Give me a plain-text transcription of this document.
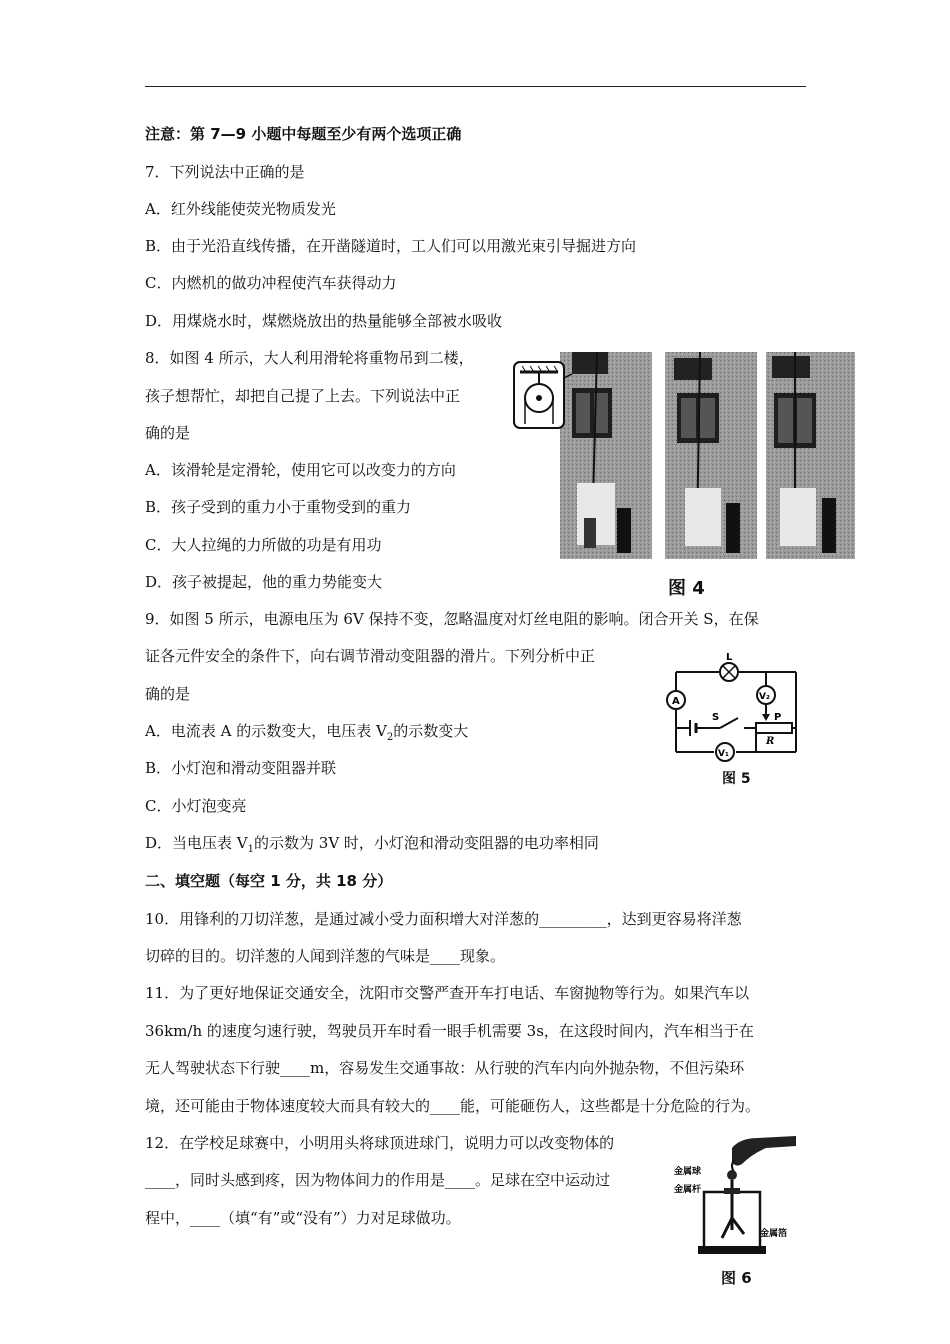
注意：第 7—9 小题中每题至少有两个选项正确
7．下列说法中正确的是
A．红外线能使荧光物质发光
B．由于光沿直线传播，在开凿隧道时，工人们可以用激光束引导掘进方向
C．内燃机的做功冲程使汽车获得动力
D．用煤烧水时，煤燃烧放出的热量能够全部被水吸收
8．如图 4 所示，大人利用滑轮将重物吊到二楼，
孩子想帮忙，却把自己提了上去。下列说法中正
确的是
A．该滑轮是定滑轮，使用它可以改变力的方向
B．孩子受到的重力小于重物受到的重力
C．大人拉绳的力所做的功是有用功
D．孩子被提起，他的重力势能变大	图 4
9．如图 5 所示，电源电压为 6V 保持不变，忽略温度对灯丝电阻的影响。闭合开关 S，在保
证各元件安全的条件下，向右调节滑动变阻器的滑片。下列分析中正
确的是
A．电流表 A 的示数变大，电压表 $V_2$的示数变大
B．小灯泡和滑动变阻器并联
C．小灯泡变亮
D．当电压表 $V_1$的示数为 3V 时，小灯泡和滑动变阻器的电功率相同
L
A
S
V₂
P
R
V₁
图 5
二、填空题（每空 1 分，共 18 分）
10．用锋利的刀切洋葱，是通过减小受力面积增大对洋葱的_________，达到更容易将洋葱
切碎的目的。切洋葱的人闻到洋葱的气味是____现象。
11．为了更好地保证交通安全，沈阳市交警严查开车打电话、车窗抛物等行为。如果汽车以
36km/h 的速度匀速行驶，驾驶员开车时看一眼手机需要 3s，在这段时间内，汽车相当于在
无人驾驶状态下行驶____m，容易发生交通事故：从行驶的汽车内向外抛杂物，不但污染环
境，还可能由于物体速度较大而具有较大的____能，可能砸伤人，这些都是十分危险的行为。
12．在学校足球赛中，小明用头将球顶进球门，说明力可以改变物体的
____，同时头感到疼，因为物体间力的作用是____。足球在空中运动过
程中，____（填“有”或“没有”）力对足球做功。
金属球
金属杆
金属箔
图 6
